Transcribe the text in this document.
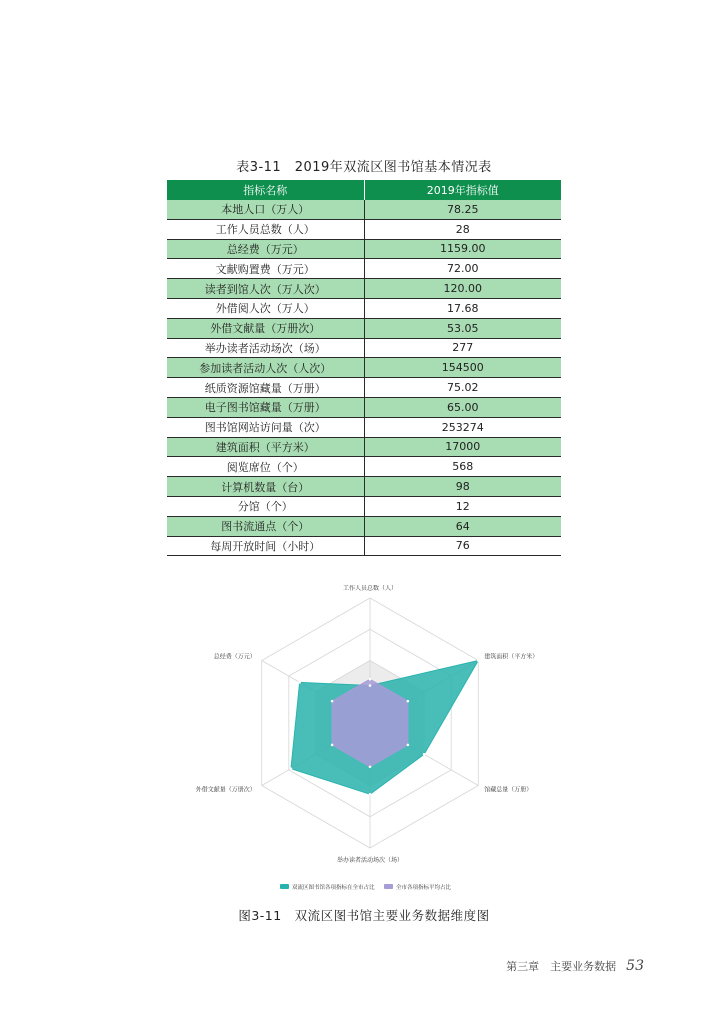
表3-11　2019年双流区图书馆基本情况表
指标名称	2019年指标值
本地人口（万人）	78.25
工作人员总数（人）	28
总经费（万元）	1159.00
文献购置费（万元）	72.00
读者到馆人次（万人次）	120.00
外借阅人次（万人）	17.68
外借文献量（万册次）	53.05
举办读者活动场次（场）	277
参加读者活动人次（人次）	154500
纸质资源馆藏量（万册）	75.02
电子图书馆藏量（万册）	65.00
图书馆网站访问量（次）	253274
建筑面积（平方米）	17000
阅览席位（个）	568
计算机数量（台）	98
分馆（个）	12
图书流通点（个）	64
每周开放时间（小时）	76
工作人员总数（人）
建筑面积（平方米）
馆藏总量（万册）
举办读者活动场次（场）
外借文献量（万册次）
总经费（万元）
双流区图书馆各项指标在全市占比	全市各项指标平均占比
图3-11　双流区图书馆主要业务数据维度图
第三章　主要业务数据 53
